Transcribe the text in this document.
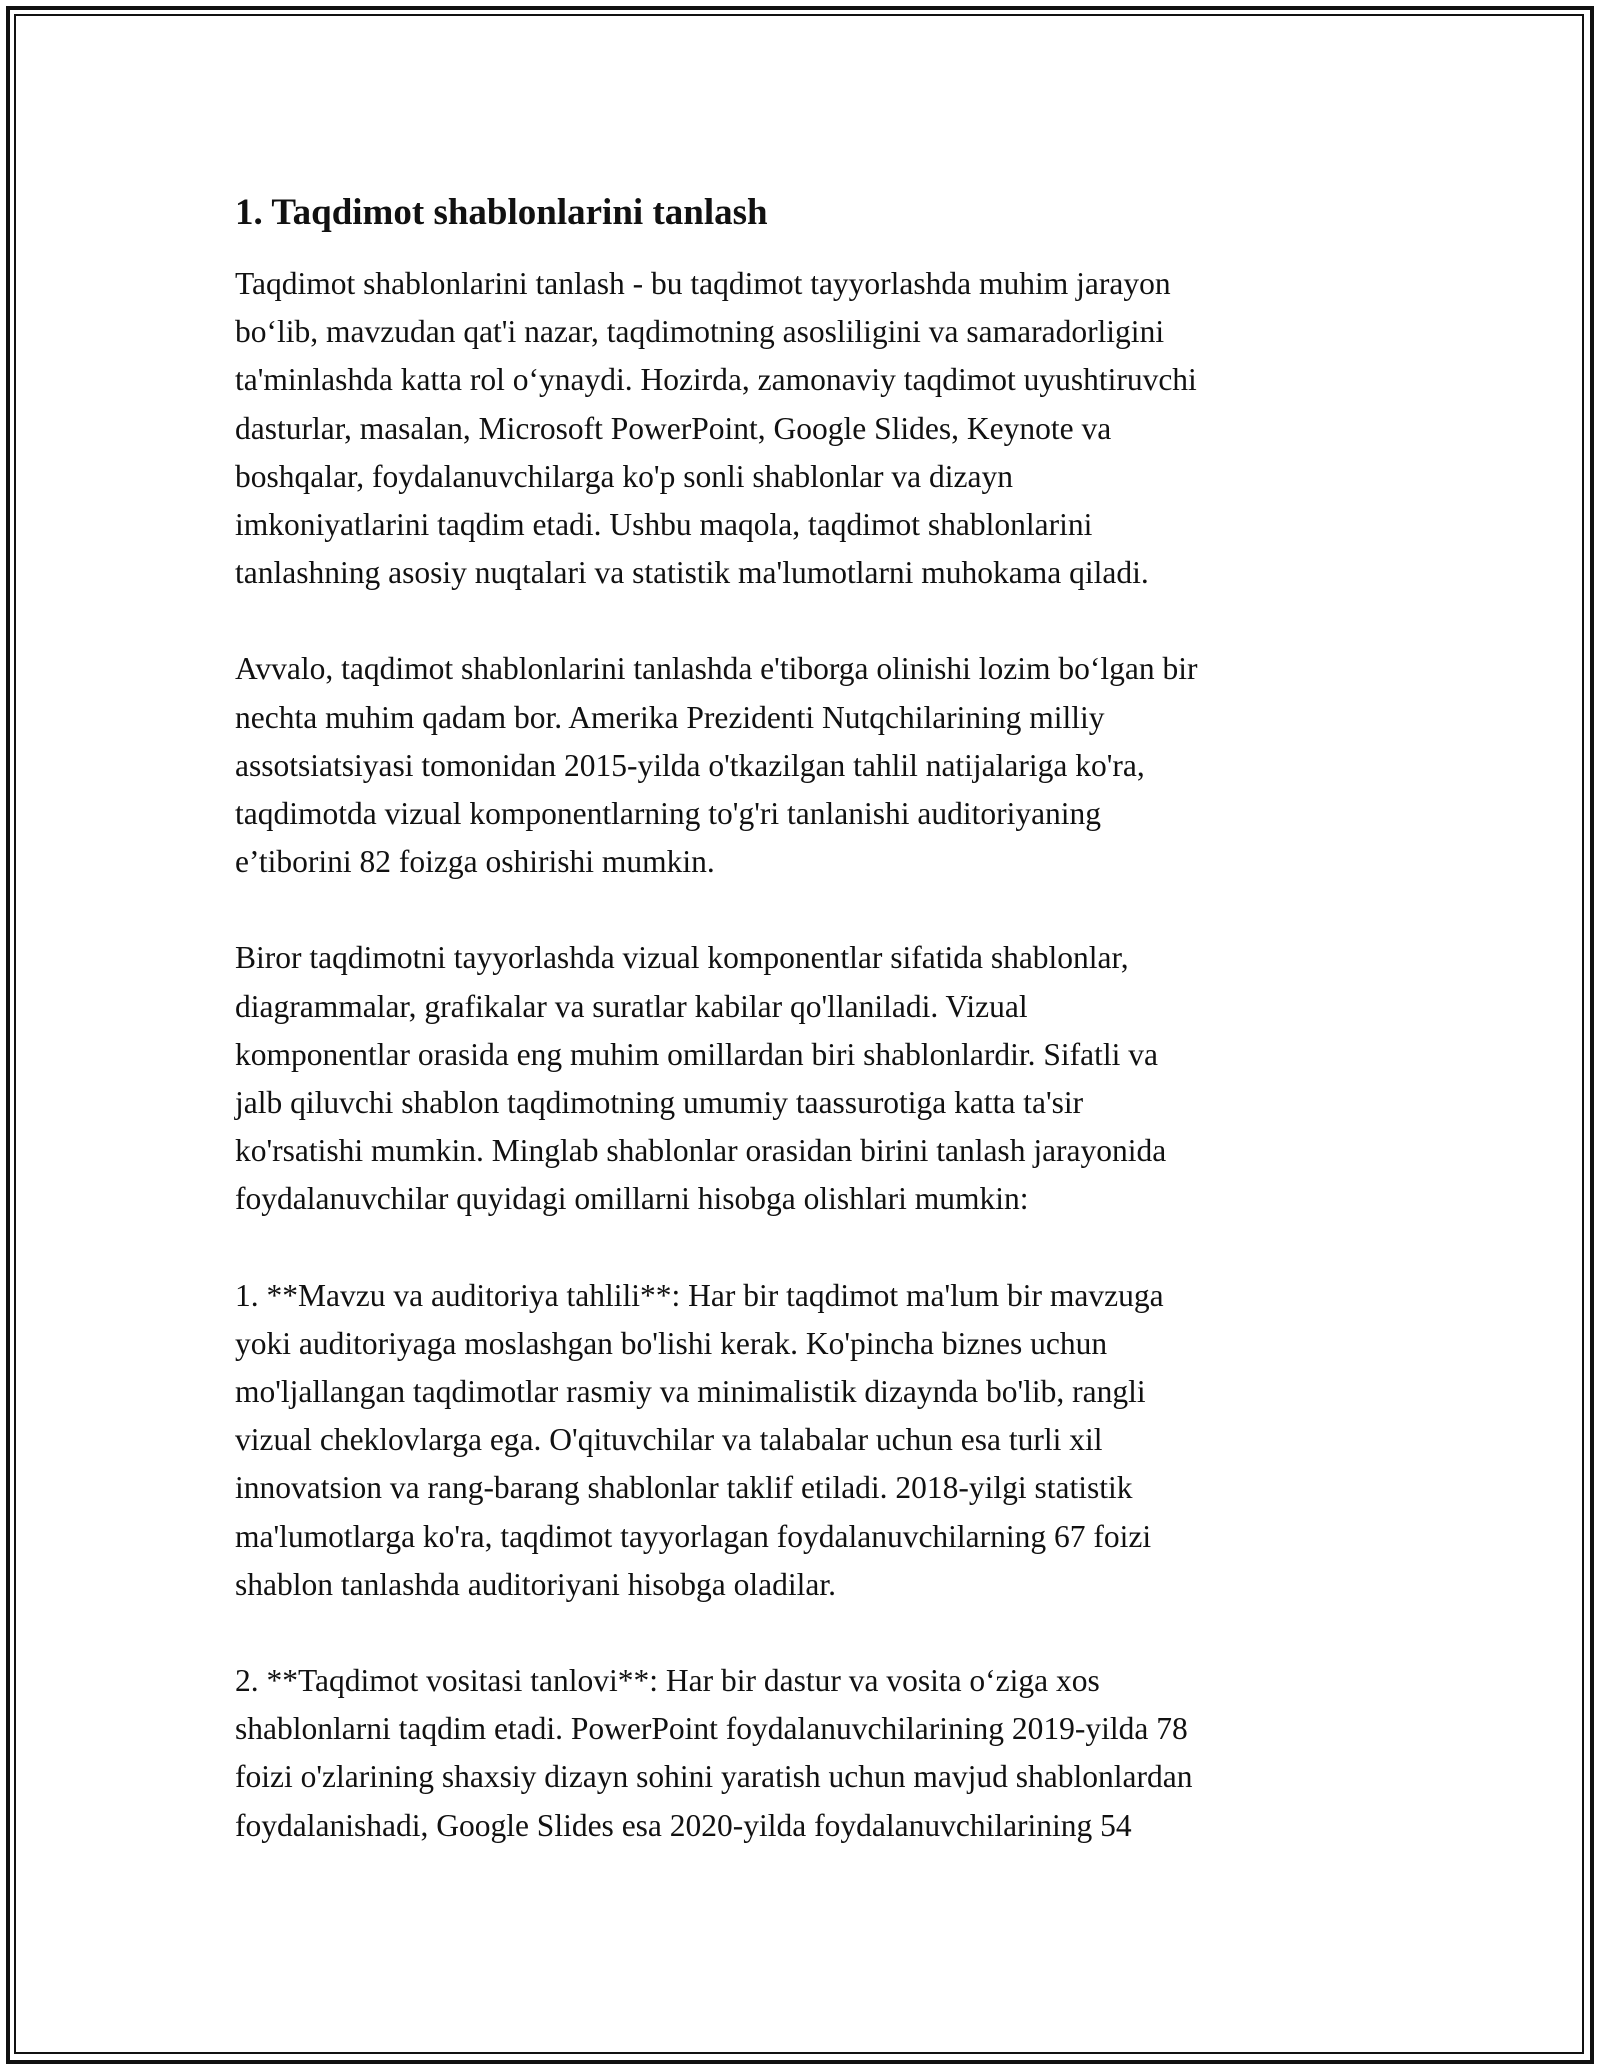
1. Taqdimot shablonlarini tanlash

Taqdimot shablonlarini tanlash - bu taqdimot tayyorlashda muhim jarayon
bo‘lib, mavzudan qat'i nazar, taqdimotning asosliligini va samaradorligini
ta'minlashda katta rol o‘ynaydi. Hozirda, zamonaviy taqdimot uyushtiruvchi
dasturlar, masalan, Microsoft PowerPoint, Google Slides, Keynote va
boshqalar, foydalanuvchilarga ko'p sonli shablonlar va dizayn
imkoniyatlarini taqdim etadi. Ushbu maqola, taqdimot shablonlarini
tanlashning asosiy nuqtalari va statistik ma'lumotlarni muhokama qiladi.

Avvalo, taqdimot shablonlarini tanlashda e'tiborga olinishi lozim bo‘lgan bir
nechta muhim qadam bor. Amerika Prezidenti Nutqchilarining milliy
assotsiatsiyasi tomonidan 2015-yilda o'tkazilgan tahlil natijalariga ko'ra,
taqdimotda vizual komponentlarning to'g'ri tanlanishi auditoriyaning
e’tiborini 82 foizga oshirishi mumkin.

Biror taqdimotni tayyorlashda vizual komponentlar sifatida shablonlar,
diagrammalar, grafikalar va suratlar kabilar qo'llaniladi. Vizual
komponentlar orasida eng muhim omillardan biri shablonlardir. Sifatli va
jalb qiluvchi shablon taqdimotning umumiy taassurotiga katta ta'sir
ko'rsatishi mumkin. Minglab shablonlar orasidan birini tanlash jarayonida
foydalanuvchilar quyidagi omillarni hisobga olishlari mumkin:

1. **Mavzu va auditoriya tahlili**: Har bir taqdimot ma'lum bir mavzuga
yoki auditoriyaga moslashgan bo'lishi kerak. Ko'pincha biznes uchun
mo'ljallangan taqdimotlar rasmiy va minimalistik dizaynda bo'lib, rangli
vizual cheklovlarga ega. O'qituvchilar va talabalar uchun esa turli xil
innovatsion va rang-barang shablonlar taklif etiladi. 2018-yilgi statistik
ma'lumotlarga ko'ra, taqdimot tayyorlagan foydalanuvchilarning 67 foizi
shablon tanlashda auditoriyani hisobga oladilar.

2. **Taqdimot vositasi tanlovi**: Har bir dastur va vosita o‘ziga xos
shablonlarni taqdim etadi. PowerPoint foydalanuvchilarining 2019-yilda 78
foizi o'zlarining shaxsiy dizayn sohini yaratish uchun mavjud shablonlardan
foydalanishadi, Google Slides esa 2020-yilda foydalanuvchilarining 54
